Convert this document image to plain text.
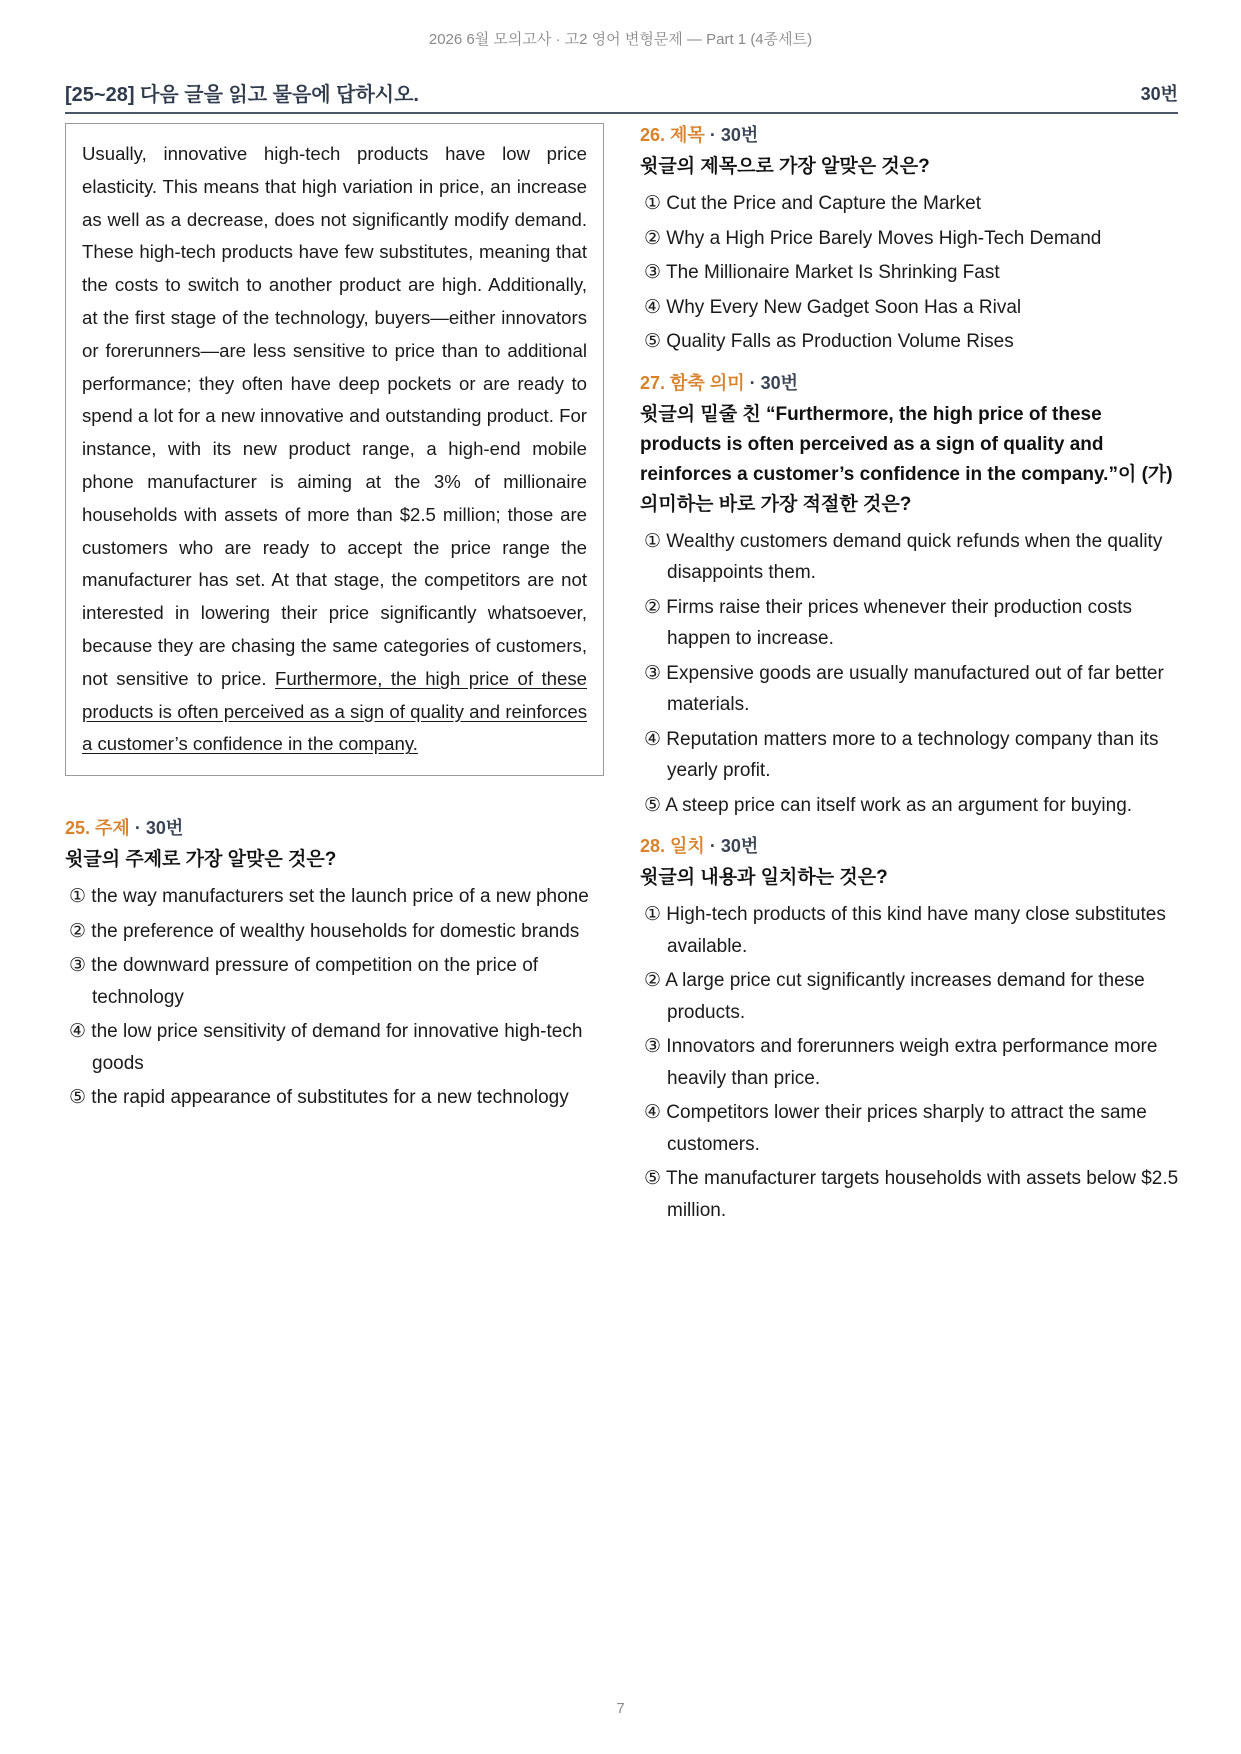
2026 6월 모의고사 · 고2 영어 변형문제 — Part 1 (4종세트)
[25~28] 다음 글을 읽고 물음에 답하시오.	30번
Usually, innovative high-tech products have low price elasticity. This means that high variation in price, an increase as well as a decrease, does not significantly modify demand. These high-tech products have few substitutes, meaning that the costs to switch to another product are high. Additionally, at the first stage of the technology, buyers—either innovators or forerunners—are less sensitive to price than to additional performance; they often have deep pockets or are ready to spend a lot for a new innovative and outstanding product. For instance, with its new product range, a high-end mobile phone manufacturer is aiming at the 3% of millionaire households with assets of more than $2.5 million; those are customers who are ready to accept the price range the manufacturer has set. At that stage, the competitors are not interested in lowering their price significantly whatsoever, because they are chasing the same categories of customers, not sensitive to price. Furthermore, the high price of these products is often perceived as a sign of quality and reinforces a customer’s confidence in the company.
25. 주제 · 30번
윗글의 주제로 가장 알맞은 것은?
① the way manufacturers set the launch price of a new phone
② the preference of wealthy households for domestic brands
③ the downward pressure of competition on the price of technology
④ the low price sensitivity of demand for innovative high-tech goods
⑤ the rapid appearance of substitutes for a new technology
26. 제목 · 30번
윗글의 제목으로 가장 알맞은 것은?
① Cut the Price and Capture the Market
② Why a High Price Barely Moves High-Tech Demand
③ The Millionaire Market Is Shrinking Fast
④ Why Every New Gadget Soon Has a Rival
⑤ Quality Falls as Production Volume Rises
27. 함축 의미 · 30번
윗글의 밑줄 친 “Furthermore, the high price of these products is often perceived as a sign of quality and reinforces a customer’s confidence in the company.”이 (가) 의미하는 바로 가장 적절한 것은?
① Wealthy customers demand quick refunds when the quality disappoints them.
② Firms raise their prices whenever their production costs happen to increase.
③ Expensive goods are usually manufactured out of far better materials.
④ Reputation matters more to a technology company than its yearly profit.
⑤ A steep price can itself work as an argument for buying.
28. 일치 · 30번
윗글의 내용과 일치하는 것은?
① High-tech products of this kind have many close substitutes available.
② A large price cut significantly increases demand for these products.
③ Innovators and forerunners weigh extra performance more heavily than price.
④ Competitors lower their prices sharply to attract the same customers.
⑤ The manufacturer targets households with assets below $2.5 million.
7
